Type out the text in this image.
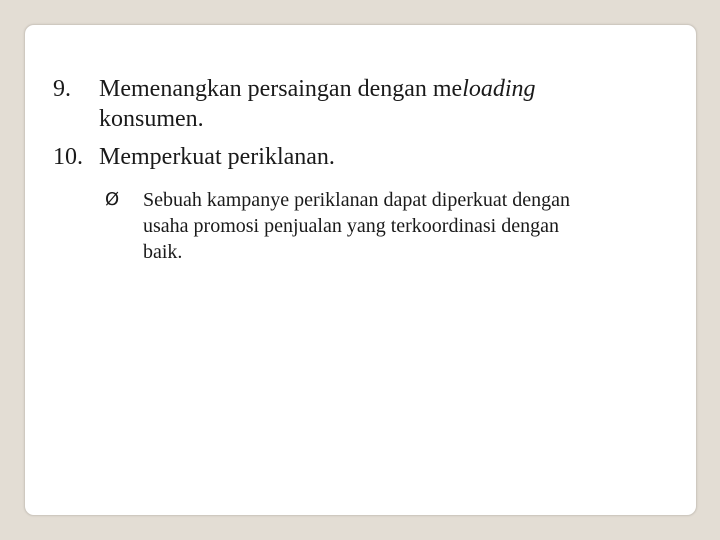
9. Memenangkan persaingan dengan meloading
konsumen.
10. Memperkuat periklanan.
Ø Sebuah kampanye periklanan dapat diperkuat dengan
usaha promosi penjualan yang terkoordinasi dengan
baik.
